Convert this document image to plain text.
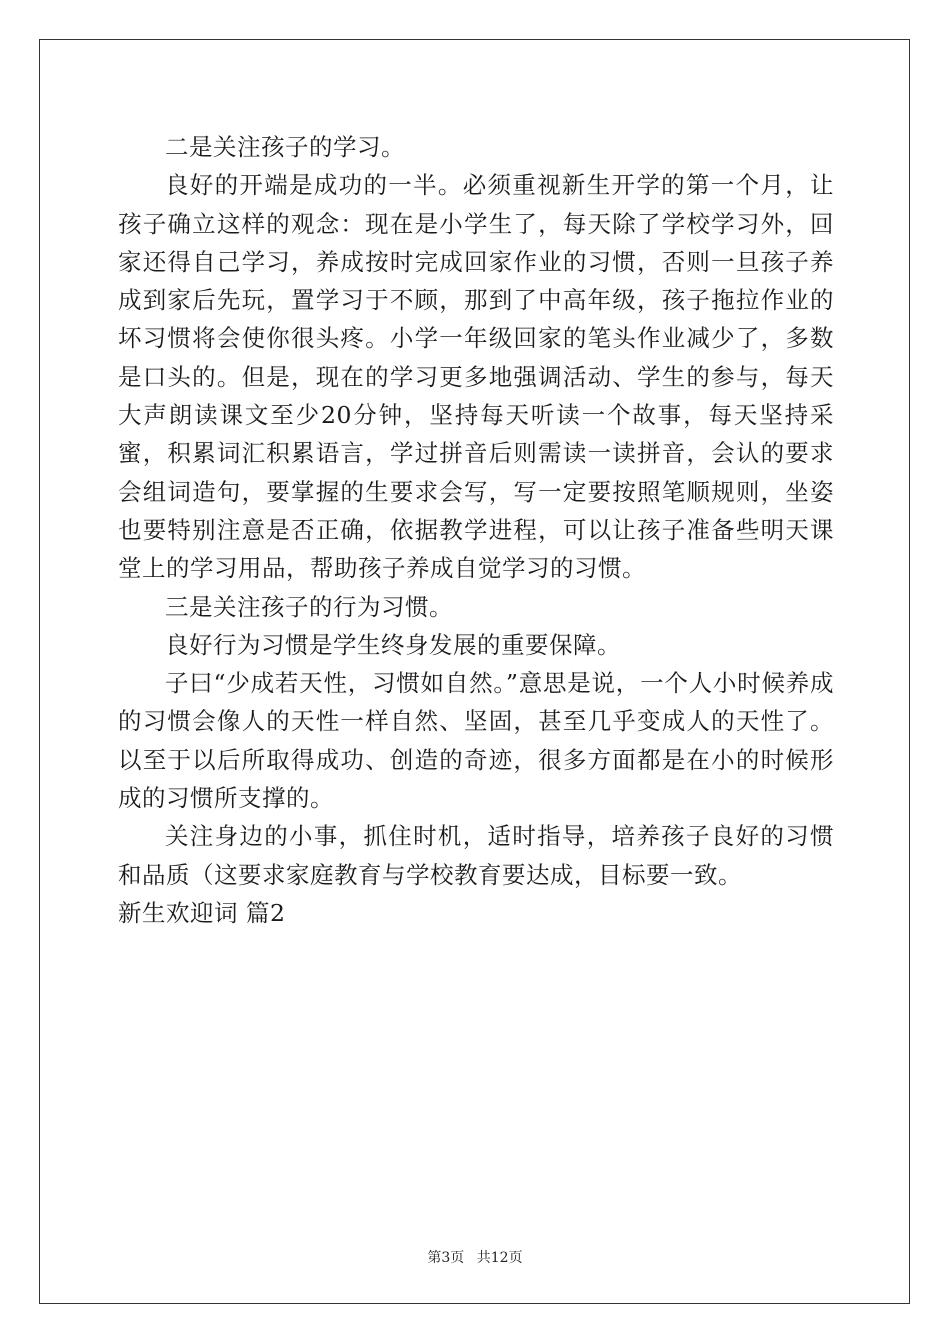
二是关注孩子的学习。

良好的开端是成功的一半。必须重视新生开学的第一个月，让孩子确立这样的观念：现在是小学生了，每天除了学校学习外，回家还得自己学习，养成按时完成回家作业的习惯，否则一旦孩子养成到家后先玩，置学习于不顾，那到了中高年级，孩子拖拉作业的坏习惯将会使你很头疼。小学一年级回家的笔头作业减少了，多数是口头的。但是，现在的学习更多地强调活动、学生的参与，每天大声朗读课文至少20分钟，坚持每天听读一个故事，每天坚持采蜜，积累词汇积累语言，学过拼音后则需读一读拼音，会认的要求会组词造句，要掌握的生要求会写，写一定要按照笔顺规则，坐姿也要特别注意是否正确，依据教学进程，可以让孩子准备些明天课堂上的学习用品，帮助孩子养成自觉学习的习惯。

三是关注孩子的行为习惯。

良好行为习惯是学生终身发展的重要保障。

子曰“少成若天性，习惯如自然。”意思是说，一个人小时候养成的习惯会像人的天性一样自然、坚固，甚至几乎变成人的天性了。以至于以后所取得成功、创造的奇迹，很多方面都是在小的时候形成的习惯所支撑的。

关注身边的小事，抓住时机，适时指导，培养孩子良好的习惯和品质（这要求家庭教育与学校教育要达成，目标要一致。

新生欢迎词 篇2

第3页 共12页
